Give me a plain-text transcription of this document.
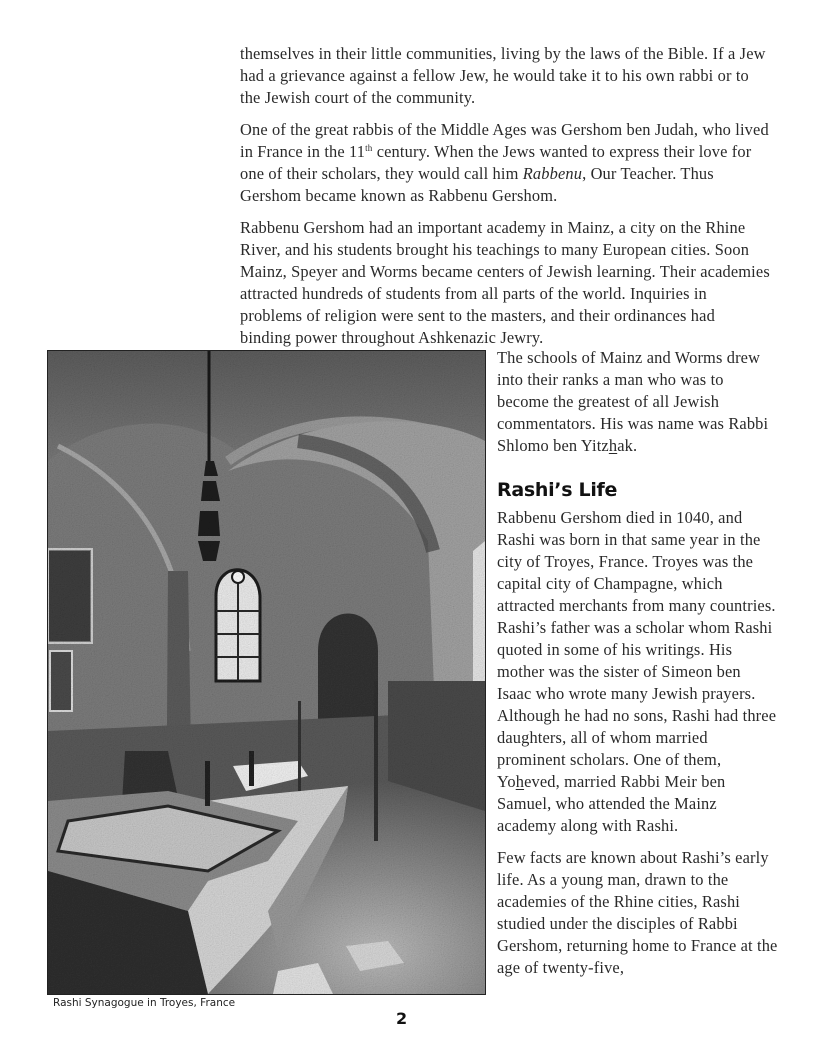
themselves in their little communities, living by the laws of the Bible. If a Jew had a grievance against a fellow Jew, he would take it to his own rabbi or to the Jewish court of the community.

One of the great rabbis of the Middle Ages was Gershom ben Judah, who lived in France in the 11th century. When the Jews wanted to express their love for one of their scholars, they would call him Rabbenu, Our Teacher. Thus Gershom became known as Rabbenu Gershom.

Rabbenu Gershom had an important academy in Mainz, a city on the Rhine River, and his students brought his teachings to many European cities. Soon Mainz, Speyer and Worms became centers of Jewish learning. Their academies attracted hundreds of students from all parts of the world. Inquiries in problems of religion were sent to the masters, and their ordinances had binding power throughout Ashkenazic Jewry.

Rashi Synagogue in Troyes, France

The schools of Mainz and Worms drew into their ranks a man who was to become the greatest of all Jewish commentators. His was name was Rabbi Shlomo ben Yitzhak.

Rashi’s Life

Rabbenu Gershom died in 1040, and Rashi was born in that same year in the city of Troyes, France. Troyes was the capital city of Champagne, which attracted merchants from many countries. Rashi’s father was a scholar whom Rashi quoted in some of his writings. His mother was the sister of Simeon ben Isaac who wrote many Jewish prayers. Although he had no sons, Rashi had three daughters, all of whom married prominent scholars. One of them, Yoheved, married Rabbi Meir ben Samuel, who attended the Mainz academy along with Rashi.

Few facts are known about Rashi’s early life. As a young man, drawn to the academies of the Rhine cities, Rashi studied under the disciples of Rabbi Gershom, returning home to France at the age of twenty-five,

2
